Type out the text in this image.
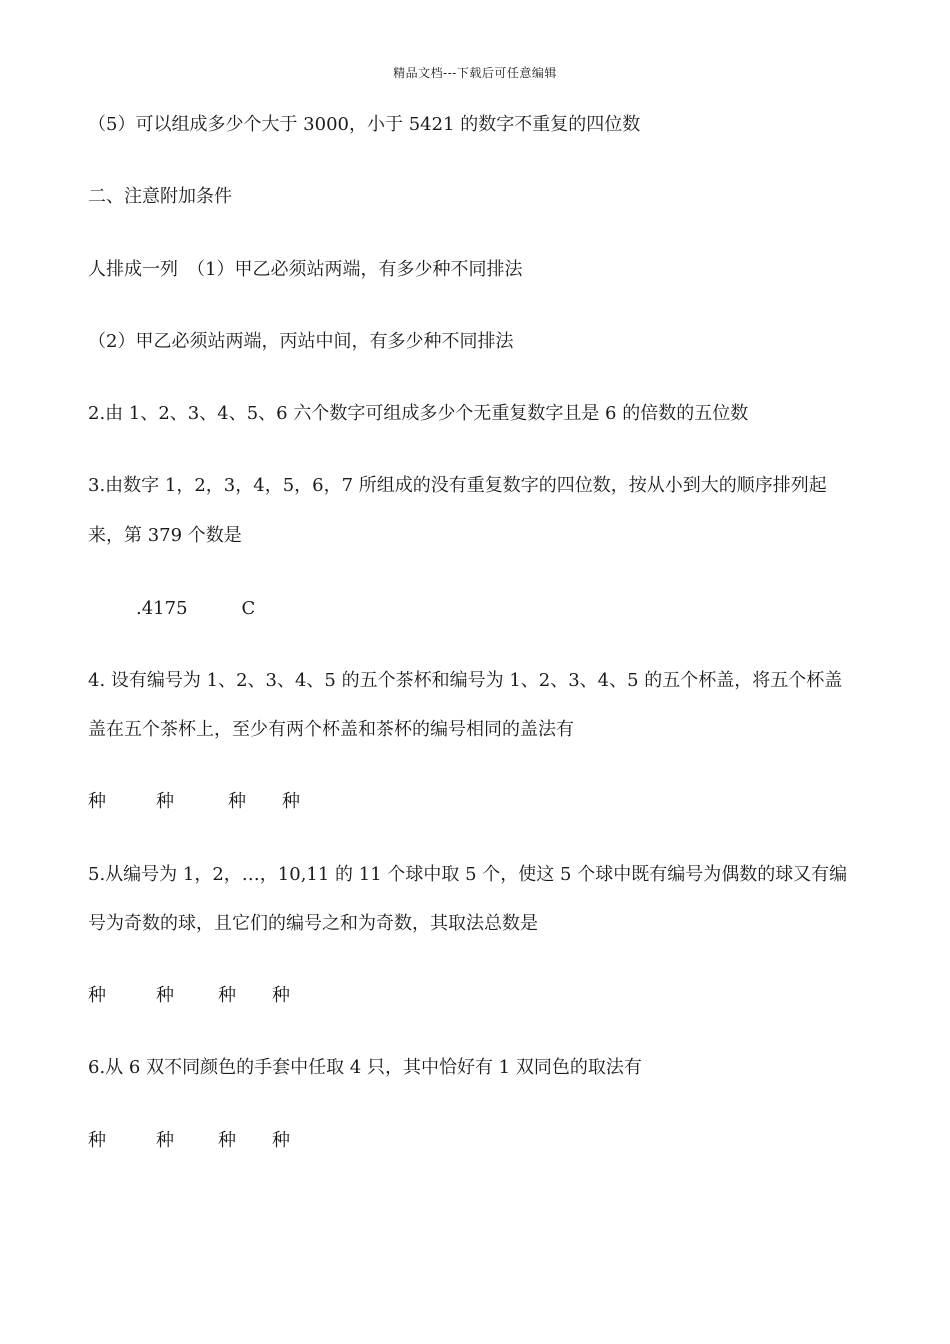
精品文档---下载后可任意编辑
（5）可以组成多少个大于 3000，小于 5421 的数字不重复的四位数
二、注意附加条件
人排成一列　（1）甲乙必须站两端，有多少种不同排法
（2）甲乙必须站两端，丙站中间，有多少种不同排法
2.由 1、2、3、4、5、6 六个数字可组成多少个无重复数字且是 6 的倍数的五位数
3.由数字 1，2，3，4，5，6，7 所组成的没有重复数字的四位数，按从小到大的顺序排列起
来，第 379 个数是
.4175　　　C
4. 设有编号为 1、2、3、4、5 的五个茶杯和编号为 1、2、3、4、5 的五个杯盖，将五个杯盖
盖在五个茶杯上，至少有两个杯盖和茶杯的编号相同的盖法有
种	种	种 种
5.从编号为 1，2，…，10,11 的 11 个球中取 5 个，使这 5 个球中既有编号为偶数的球又有编
号为奇数的球，且它们的编号之和为奇数，其取法总数是
种	种 种 种
6.从 6 双不同颜色的手套中任取 4 只，其中恰好有 1 双同色的取法有
种	种 种 种
